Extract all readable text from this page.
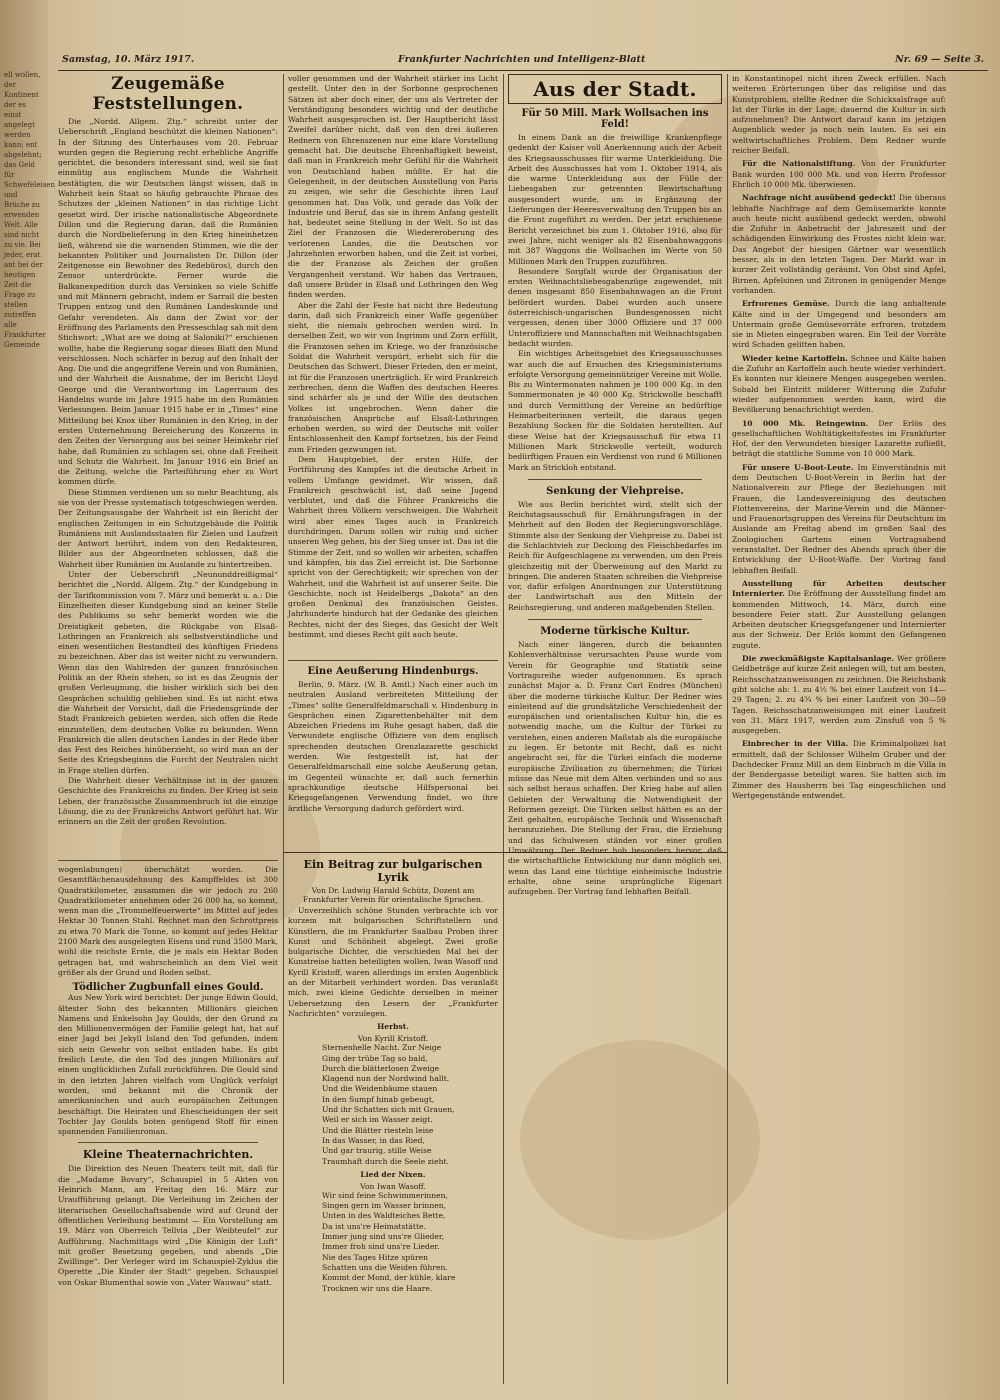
ell wollen, der Kontinent der es einst angelegt werden kann; ent abgelehnt; das Geld für Schwefeleisen und Brüche zu erwenden Welt. Alle sind nicht zu vie. Bei jeder, erat ant bei der heutigen Zeit die Frage zu stellen zutreffen alle Frankfurter Gemeinde
Samstag, 10. März 1917.	Frankfurter Nachrichten und Intelligenz-Blatt	Nr. 69 — Seite 3.
Zeugemäße Feststellungen.

Die „Nordd. Allgem. Ztg.“ schreibt unter der Ueberschrift „England beschützt die kleinen Nationen“: In der Sitzung des Unterhauses vom 20. Februar wurden gegen die Regierung recht erhebliche Angriffe gerichtet, die besonders interessant sind, weil sie fast einmütig aus englischem Munde die Wahrheit bestätigten, die wir Deutschen längst wissen, daß in Wahrheit kein Staat so häufig gebrauchte Phrase des Schutzes der „kleinen Nationen“ in das richtige Licht gesetzt wird. Der irische nationalistische Abgeordnete Dillon und die Regierung daran, daß die Rumänien durch die Nordbelieferung in den Krieg hineinhetzen ließ, während sie die warnenden Stimmen, wie die der bekannten Politiker und Journalisten Dr. Dillon (der Zeitgenosse ein Bewohner des Redebüros), durch den Zensor unterdrückte. Ferner wurde die Balkanexpedition durch das Versinken so viele Schiffe und mit Männern gebracht, indem er Sarrail die besten Truppen entzog und den Rumänen Landeskunde und Gefahr verendeten. Als dann der Zwist vor der Eröffnung des Parlaments den Presseschlag sah mit dem Stichwort: „What are we doing at Saloniki?“ erschienen wollte, habe die Regierung sogar dieses Blatt den Mund verschlossen. Noch schärfer in bezug auf den Inhalt der Ang. Die und die angegriffene Verein und von Rumänien, und der Wahrheit die Ausnahme, der im Bericht Lloyd George und die Verantwortung im Lagerraum des Handelns wurde im Jahre 1915 habe im den Rumänien Verlesungen. Beim Januar 1915 habe er in „Times“ eine Mitteilung bei Knox über Rumänien in den Krieg, in der ersten Unternehmung Bereicherung des Konzerns in den Zeiten der Versorgung aus bei seiner Heimkehr rief habe, daß Rumänien zu schlagen sei, ohne daß Freiheit und Schutz die Wahrheit. Im Januar 1916 ein Brief an die Zeitung, welche die Parteiführung eher zu Wort kommen dürfe.

Diese Stimmen verdienen um so mehr Beachtung, als sie von der Presse systematisch totgeschwiegen werden. Der Zeitungsausgabe der Wahrheit ist ein Bericht der englischen Zeitungen in ein Schutzgebäude die Politik Rumäniens mit Auslandsstaaten für Zielen und Laufzeit der Antwort berührt, indem von den Redakteuren, Bilder aus der Abgeordneten schlossen, daß die Wahrheit über Rumänien im Auslande zu hintertreiben.

Unter der Ueberschrift „Neununddreißigmal“ berichtet die „Nordd. Allgem. Ztg.“ der Kundgebung in der Tarifkommission vom 7. März und bemerkt u. a.: Die Einzelheiten dieser Kundgebung sind an keiner Stelle des Publikums so sehr bemerkt worden wie die Dreistigkeit gebeten, die Rückgabe von Elsaß-Lothringen an Frankreich als selbstverständliche und einen wesentlichen Bestandteil des künftigen Friedens zu bezeichnen. Aber das ist weiter nicht zu verwundern. Wenn das den Wahlreden der ganzen französischen Politik an der Rhein stehen, so ist es das Zeugnis der großen Verleugnung, die bisher wirklich sich bei den Gesprächen schuldig geblieben sind. Es ist nicht etwa die Wahrheit der Vorsicht, daß die Friedensgründe der Stadt Frankreich gebieten werden, sich offen die Rede einzustellen, dem deutschen Volke zu bekunden. Wenn Frankreich die allen deutschen Landes in der Rede über das Fest des Reiches hinüberzieht, so wird man an der Seite des Kriegsbeginns die Furcht der Neutralen nicht in Frage stellen dürfen.

Die Wahrheit dieser Verhältnisse ist in der ganzen Geschichte des Frankreichs zu finden. Der Krieg ist sein Leben, der französische Zusammenbruch ist die einzige Lösung, die zu der Frankreichs Antwort geführt hat. Wir erinnern an die Zeit der großen Revolution.

wogenlabungen) überschätzt worden. Die Gesamtflächenausdehnung des Kampffeldes ist 300 Quadratkilometer, zusammen die wir jedoch zu 260 Quadratkilometer annehmen oder 26 000 ha, so kommt, wenn man die „Trommelfeuerwerte“ im Mittel auf jedes Hektar 30 Tonnen Stahl. Rechnet man den Schrottpreis zu etwa 70 Mark die Tonne, so kommt auf jedes Hektar 2100 Mark des ausgelegten Eisens und rund 3500 Mark, wohl die reichste Ernte, die je mals ein Hektar Boden getragen hat, und wahrscheinlich an dem Viel weit größer als der Grund und Boden selbst.

Tödlicher Zugbunfall eines Gould.

Aus New York wird berichtet: Der junge Edwin Gould, ältester Sohn des bekannten Millionärs gleichen Namens und Enkelsohn Jay Goulds, der den Grund zu den Millionenvermögen der Familie gelegt hat, hat auf einer Jagd bei Jekyll Island den Tod gefunden, indem sich sein Gewehr von selbst entladen habe. Es gibt freilich Leute, die den Tod des jungen Millionärs auf einen unglücklichen Zufall zurückführen. Die Gould sind in den letzten Jahren vielfach vom Unglück verfolgt worden, und bekannt mit die Chronik der amerikanischen und auch europäischen Zeitungen beschäftigt. Die Heiraten und Ehescheidungen der seit Tochter Jay Goulds boten genügend Stoff für einen spannenden Familienroman.

Kleine Theaternachrichten.

Die Direktion des Neuen Theaters teilt mit, daß für die „Madame Bovary“, Schauspiel in 5 Akten von Heinrich Mann, am Freitag den 16. März zur Uraufführung gelangt. Die Verleihung im Zeichen der literarischen Gesellschaftsabende wird auf Grund der öffentlichen Verleihung bestimmt — Ein Vorstellung am 19. März von Oberreich Tellvia „Der Weibteufel“ zur Aufführung. Nachmittags wird „Die Königin der Luft“ mit großer Besetzung gegeben, und abends „Die Zwillinge“. Der Verleger wird im Schauspiel-Zyklus die Operette „Die Kinder der Stadt“ gegeben. Schauspiel von Oskar Blumenthal sowie von „Vater Wauwau“ statt.

voller genommen und der Wahrheit stärker ins Licht gestellt. Unter den in der Sorbonne gesprochenen Sätzen ist aber doch einer, der uns als Vertreter der Verständigung besonders wichtig und der deutliche Wahrheit ausgesprochen ist. Der Hauptbericht lässt Zweifel darüber nicht, daß von den drei äußeren Rednern von Ehrenszenen nur eine klare Vorstellung gemacht hat. Die deutsche Ehrenhaftigkeit beweist, daß man in Frankreich mehr Gefühl für die Wahrheit von Deutschland haben müßte. Er hat die Gelegenheit, in der deutschen Ausstellung von Paris zu zeigen, wie sehr die Geschichte ihren Lauf genommen hat. Das Volk, und gerade das Volk der Industrie und Beruf, das sie in ihrem Anfang gestellt hat, bedeutet seine Stellung in der Welt. So ist das Ziel der Franzosen die Wiedereroberung des verlorenen Landes, die die Deutschen vor Jahrzehnten erworben haben, und die Zeit ist vorbei, die der Franzose als Zeichen der großen Vergangenheit verstand. Wir haben das Vertrauen, daß unsere Brüder in Elsaß und Lothringen den Weg finden werden.

Aber die Zahl der Feste hat nicht ihre Bedeutung darin, daß sich Frankreich einer Waffe gegenüber sieht, die niemals gebrochen werden wird. In derselben Zeit, wo wir von Ingrimm und Zorn erfüllt, die Franzosen sehen im Kriege, wo der französische Soldat die Wahrheit verspürt, erhebt sich für die Deutschen das Schwert. Dieser Frieden, den er meint, ist für die Franzosen unerträglich. Er wird Frankreich zerbrechen, denn die Waffen des deutschen Heeres sind schärfer als je und der Wille des deutschen Volkes ist ungebrochen. Wenn daher die französischen Ansprüche auf Elsaß-Lothringen erhoben werden, so wird der Deutsche mit voller Entschlossenheit den Kampf fortsetzen, bis der Feind zum Frieden gezwungen ist.

Dem Hauptgebiet, der ersten Hilfe, der Fortführung des Kampfes ist die deutsche Arbeit in vollem Umfange gewidmet. Wir wissen, daß Frankreich geschwächt ist, daß seine Jugend verblutet, und daß die Führer Frankreichs die Wahrheit ihren Völkern verschweigen. Die Wahrheit wird aber eines Tages auch in Frankreich durchdringen. Darum sollen wir ruhig und sicher unseren Weg gehen, bis der Sieg unser ist. Das ist die Stimme der Zeit, und so wollen wir arbeiten, schaffen und kämpfen, bis das Ziel erreicht ist. Die Sorbonne spricht von der Gerechtigkeit; wir sprechen von der Wahrheit, und die Wahrheit ist auf unserer Seite. Die Geschichte, noch ist Heidelbergs „Dakota“ an den großen Denkmal des französischen Geistes. Jahrhunderte hindurch hat der Gedanke des gleichen Rechtes, nicht der des Sieges, das Gesicht der Welt bestimmt, und dieses Recht gilt auch heute.

Eine Aeußerung Hindenburgs.

Berlin, 9. März. (W. B. Amtl.) Nach einer auch im neutralen Ausland verbreiteten Mitteilung der „Times“ sollte Generalfeldmarschall v. Hindenburg in Gesprächen einen Zigarettenbehälter mit dem Abzeichen Friedens im Ruhe gesagt haben, daß die Verwundete englische Offiziere von dem englisch sprechenden deutschen Grenzlazarette geschickt werden. Wie festgestellt ist, hat der Generalfeldmarschall eine solche Aeußerung getan, im Gegenteil wünschte er, daß auch fernerhin sprachkundige deutsche Hilfspersonal bei Kriegsgefangenen Verwendung findet, wo ihre ärztliche Versorgung dadurch gefördert wird.

Ein Beitrag zur bulgarischen Lyrik
Von Dr. Ludwig Harald Schütz, Dozent am Frankfurter Verein für orientalische Sprachen.

Unverzeihlich schöne Stunden verbrachte ich vor kurzem mit bulgarischen Schriftstellern und Künstlern, die im Frankfurter Saalbau Proben ihrer Kunst und Schönheit abgelegt. Zwei große bulgarische Dichter, die verschieden Mal bei der Kunstreise hatten beteiligten wollen, Iwan Wasoff und Kyrill Kristoff, waren allerdings im ersten Augenblick an der Mitarbeit verhindert worden. Das veranlaßt mich, zwei kleine Gedichte derselben in meiner Uebersetzung den Lesern der „Frankfurter Nachrichten“ vorzulegen.

Herbst.
Von Kyrill Kristoff.
Sternenhelle Nacht. Zur Neige
Ging der trübe Tag so bald,
Durch die blätterlosen Zweige
Klagend nun der Nordwind hallt.
Und die Weidenbäume stauen
In den Sumpf hinab gebeugt,
Und ihr Schatten sich mit Grauen,
Weil er sich im Wasser zeigt.
Und die Blätter riesteln leise
In das Wasser, in das Ried,
Und gar traurig, stille Weise
Traumhaft durch die Seele zieht.
Lied der Nixen.
Von Iwan Wasoff.
Wir sind feine Schwimmerinnen,
Singen gern im Wasser brinnen,
Unten in des Waldteiches Bette,
Da ist uns're Heimatstätte.
Immer jung sind uns're Glieder,
Immer froh sind uns're Lieder.
Nie des Tages Hitze spüren
Schatten uns die Weiden führen.
Kommt der Mond, der kühle, klare
Trocknen wir uns die Haare.
Aus der Stadt.
Für 50 Mill. Mark Wollsachen ins Feld!

In einem Dank an die freiwillige Krankenpflege gedenkt der Kaiser voll Anerkennung auch der Arbeit des Kriegsausschusses für warme Unterkleidung. Die Arbeit des Ausschusses hat vom 1. Oktober 1914, als die warme Unterkleidung aus der Fülle der Liebesgaben zur getrennten Bewirtschaftung ausgesondert wurde, um in Ergänzung der Lieferungen der Heeresverwaltung den Truppen bis an die Front zugeführt zu werden. Der jetzt erschienene Bericht verzeichnet bis zum 1. Oktober 1916, also für zwei Jahre, nicht weniger als 82 Eisenbahnwaggons mit 387 Waggons die Wollsachen im Werte von 50 Millionen Mark den Truppen zuzuführen.

Besondere Sorgfalt wurde der Organisation der ersten Weihnachtsliebesgabenzüge zugewendet, mit denen insgesamt 850 Eisenbahnwagen an die Front befördert wurden. Dabei wurden auch unsere österreichisch-ungarischen Bundesgenossen nicht vergessen, denen über 3000 Offiziere und 37 000 Unteroffiziere und Mannschaften mit Weihnachtsgaben bedacht wurden.

Ein wichtiges Arbeitsgebiet des Kriegsausschusses war auch die auf Ersuchen des Kriegsministeriums erfolgte Versorgung gemeinnütziger Vereine mit Wolle. Bis zu Wintermonaten nahmen je 100 000 Kg. in den Sommermonaten je 40 000 Kg. Strickwolle beschafft und durch Vermittlung der Vereine an bedürftige Heimarbeiterinnen verteilt, die daraus gegen Bezahlung Socken für die Soldaten herstellten. Auf diese Weise hat der Kriegsausschuß für etwa 11 Millionen Mark Strickwolle verteilt, wodurch bedürftigen Frauen ein Verdienst von rund 6 Millionen Mark an Strickloh entstand.

Senkung der Viehpreise.

Wie aus Berlin berichtet wird, stellt sich der Reichstagsausschuß für Ernährungsfragen in der Mehrheit auf den Boden der Regierungsvorschläge. Stimmte also der Senkung der Viehpreise zu. Dabei ist die Schlachtvieh zur Deckung des Fleischbedarfes im Reich für Aufgeschlagene zu verwenden, um den Preis gleichzeitig mit der Überweisung auf den Markt zu bringen. Die anderen Staaten schreiben die Viehpreise vor, dafür erfolgen Anordnungen zur Unterstützung der Landwirtschaft aus den Mitteln der Reichsregierung, und anderen maßgebenden Stellen.

Moderne türkische Kultur.

Nach einer längeren, durch die bekannten Kohlenverhältnisse verursachten Pause wurde vom Verein für Geographie und Statistik seine Vortragsreihe wieder aufgenommen. Es sprach zunächst Major a. D. Franz Carl Endres (München) über die moderne türkische Kultur. Der Redner wies einleitend auf die grundsätzliche Verschiedenheit der europäischen und orientalischen Kultur hin, die es notwendig mache, um die Kultur der Türkei zu verstehen, einen anderen Maßstab als die europäische zu legen. Er betonte mit Recht, daß es nicht angebracht sei, für die Türkei einfach die moderne europäische Zivilisation zu übernehmen; die Türkei müsse das Neue mit dem Alten verbinden und so aus sich selbst heraus schaffen. Der Krieg habe auf allen Gebieten der Verwaltung die Notwendigkeit der Reformen gezeigt. Die Türken selbst hätten es an der Zeit gehalten, europäische Technik und Wissenschaft heranzuziehen. Die Stellung der Frau, die Erziehung und das Schulwesen ständen vor einer großen Umwälzung. Der Redner hob besonders hervor, daß die wirtschaftliche Entwicklung nur dann möglich sei, wenn das Land eine tüchtige einheimische Industrie erhalte, ohne seine ursprüngliche Eigenart aufzugeben. Der Vortrag fand lebhaften Beifall.

in Konstantinopel nicht ihren Zweck erfüllen. Nach weiteren Erörterungen über das religiöse und das Kunstproblem, stellte Redner die Schicksalsfrage auf: Ist der Türke in der Lage, dauernd die Kultur in sich aufzunehmen? Die Antwort darauf kann im jetzigen Augenblick weder ja noch nein lauten. Es sei ein weltwirtschaftliches Problem. Dem Redner wurde reicher Beifall.

Für die Nationalstiftung. Von der Frankfurter Bank wurden 100 000 Mk. und von Herrn Professor Ehrlich 10 000 Mk. überwiesen.

Nachfrage nicht ausübend gedeckt! Die überaus lebhafte Nachfrage auf dem Gemüsemarkte konnte auch heute nicht ausübend gedeckt werden, obwohl die Zufuhr in Anbetracht der Jahreszeit und der schädigenden Einwirkung des Frostes nicht klein war. Das Angebot der hiesigen Gärtner war wesentlich besser, als in den letzten Tagen. Der Markt war in kurzer Zeit vollständig geräumt. Von Obst sind Apfel, Birnen, Apfelsinen und Zitronen in genügender Menge vorhanden.

Erfrorenes Gemüse. Durch die lang anhaltende Kälte sind in der Umgegend und besonders am Untermain große Gemüsevorräte erfroren, trotzdem sie in Mieten eingegraben waren. Ein Teil der Vorräte wird Schaden gelitten haben.

Wieder keine Kartoffeln. Schnee und Kälte haben die Zufuhr an Kartoffeln auch heute wieder verhindert. Es konnten nur kleinere Mengen ausgegeben werden. Sobald bei Eintritt milderer Witterung die Zufuhr wieder aufgenommen werden kann, wird die Bevölkerung benachrichtigt werden.

10 000 Mk. Reingewinn. Der Erlös des gesellschaftlichen Wohltätigkeitsfestes im Frankfurter Hof, der den Verwundeten hiesiger Lazarette zufließt, beträgt die stattliche Summe von 10 000 Mark.

Für unsere U-Boot-Leute. Im Einverständnis mit dem Deutschen U-Boot-Verein in Berlin hat der Nationalverein zur Pflege der Beziehungen mit Frauen, die Landesvereinigung des deutschen Flottenvereins, der Marine-Verein und die Männer- und Frauenortsgruppen des Vereins für Deutschtum im Auslande am Freitag abend im großen Saal des Zoologischen Gartens einen Vortragsabend veranstaltet. Der Redner des Abends sprach über die Entwicklung der U-Boot-Waffe. Der Vortrag fand lebhaften Beifall.

Ausstellung für Arbeiten deutscher Internierter. Die Eröffnung der Ausstellung findet am kommenden Mittwoch, 14. März, durch eine besondere Feier statt. Zur Ausstellung gelangen Arbeiten deutscher Kriegsgefangener und Internierter aus der Schweiz. Der Erlös kommt den Gefangenen zugute.

Die zweckmäßigste Kapitalsanlage. Wer größere Geldbeträge auf kurze Zeit anlegen will, tut am besten, Reichsschatzanweisungen zu zeichnen. Die Reichsbank gibt solche ab: 1. zu 4½ % bei einer Laufzeit von 14—29 Tagen; 2. zu 4¾ % bei einer Laufzeit von 30—59 Tagen. Reichsschatzanweisungen mit einer Laufzeit von 31. März 1917, werden zum Zinsfuß von 5 % ausgegeben.

Einbrecher in der Villa. Die Kriminalpolizei hat ermittelt, daß der Schlosser Wilhelm Gruber und der Dachdecker Franz Mill an dem Einbruch in die Villa in der Bendergasse beteiligt waren. Sie hatten sich im Zimmer des Hausherrn bei Tag eingeschlichen und Wertgegenstände entwendet.
